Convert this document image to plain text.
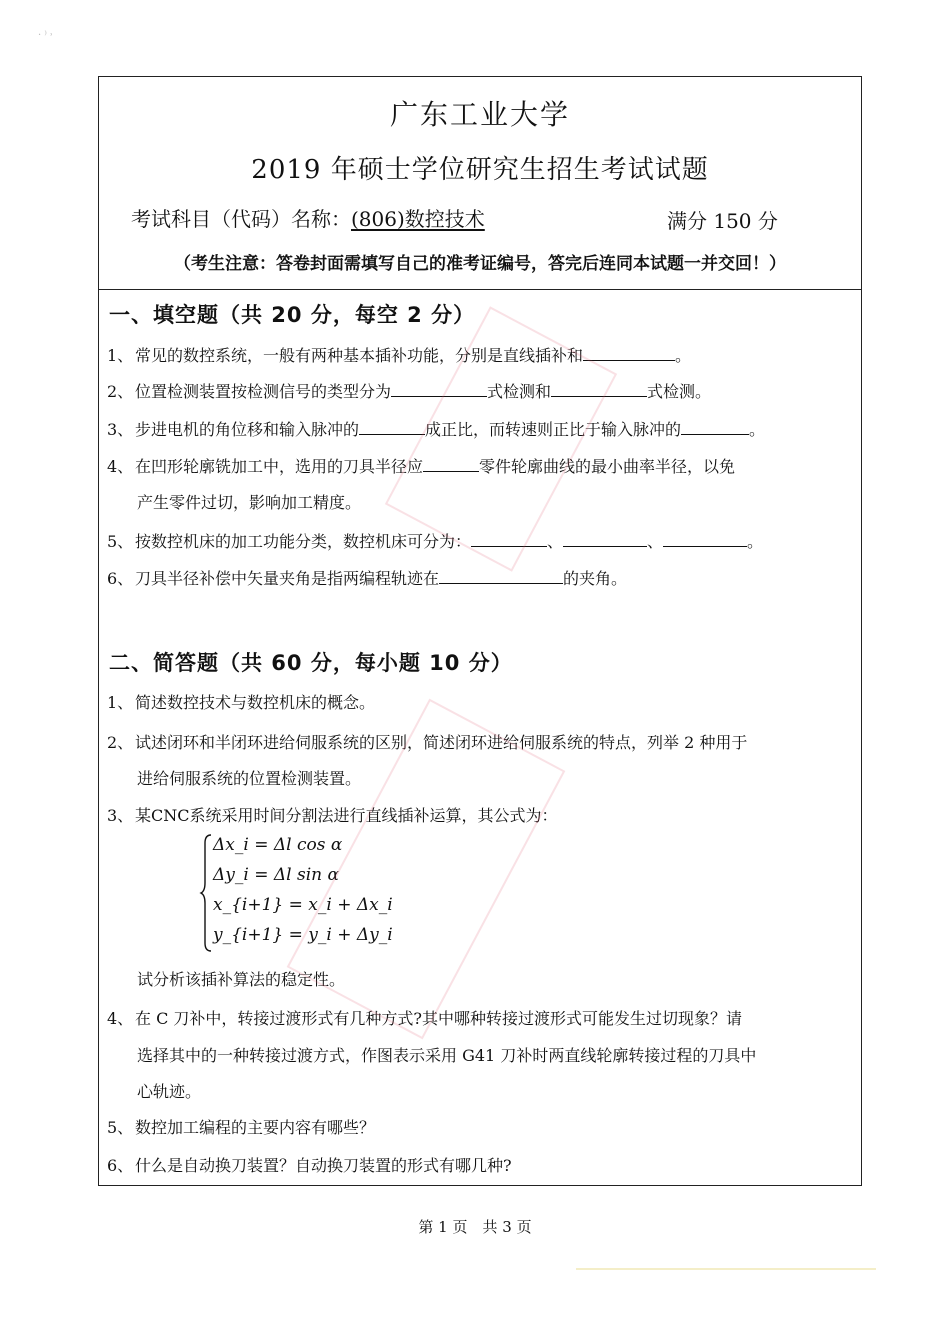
· ⁾ ˒
广东工业大学
2019 年硕士学位研究生招生考试试题
考试科目（代码）名称：(806)数控技术	满分 150 分
（考生注意：答卷封面需填写自己的准考证编号，答完后连同本试题一并交回！）
一、填空题（共 20 分，每空 2 分）
1、 常见的数控系统，一般有两种基本插补功能，分别是直线插补和	。
2、 位置检测装置按检测信号的类型分为	式检测和	式检测。
3、 步进电机的角位移和输入脉冲的	成正比，而转速则正比于输入脉冲的	。
4、 在凹形轮廓铣加工中，选用的刀具半径应	零件轮廓曲线的最小曲率半径，以免
产生零件过切，影响加工精度。
5、 按数控机床的加工功能分类，数控机床可分为：	、	、	。
6、 刀具半径补偿中矢量夹角是指两编程轨迹在	的夹角。
二、简答题（共 60 分，每小题 10 分）
1、 简述数控技术与数控机床的概念。
2、 试述闭环和半闭环进给伺服系统的区别，简述闭环进给伺服系统的特点，列举 2 种用于
进给伺服系统的位置检测装置。
3、 某CNC系统采用时间分割法进行直线插补运算，其公式为：
Δx_i = Δl cos α
Δy_i = Δl sin α
x_{i+1} = x_i + Δx_i
y_{i+1} = y_i + Δy_i
试分析该插补算法的稳定性。
4、 在 C 刀补中，转接过渡形式有几种方式?其中哪种转接过渡形式可能发生过切现象？请
选择其中的一种转接过渡方式，作图表示采用 G41 刀补时两直线轮廓转接过程的刀具中
心轨迹。
5、 数控加工编程的主要内容有哪些？
6、 什么是自动换刀装置？自动换刀装置的形式有哪几种?
第 1 页　共 3 页
